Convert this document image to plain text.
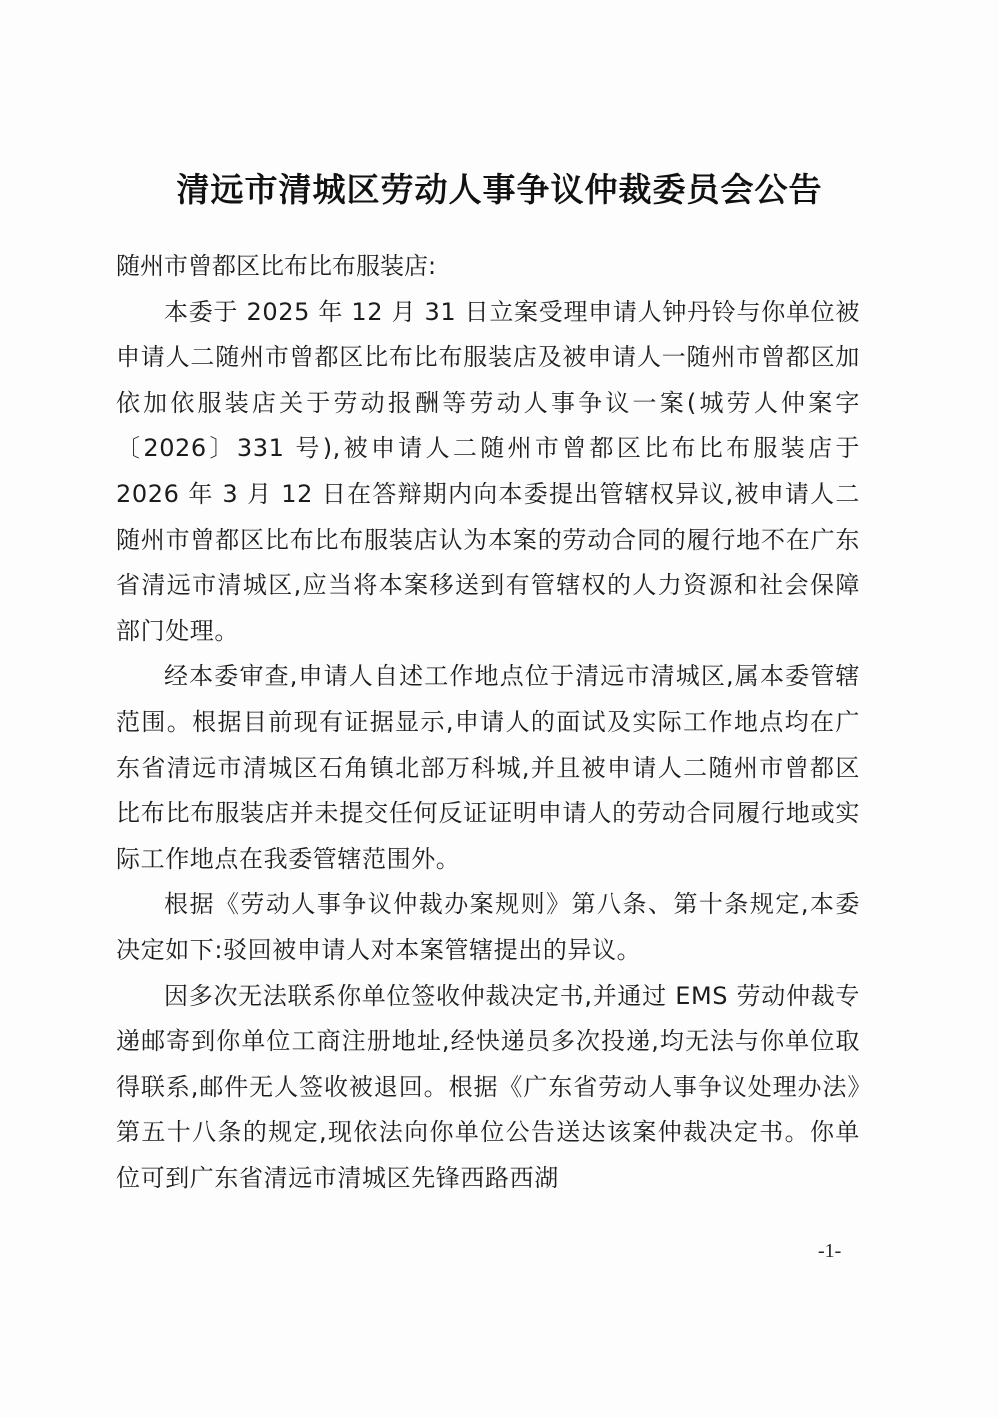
清远市清城区劳动人事争议仲裁委员会公告

随州市曾都区比布比布服装店:

本委于 2025 年 12 月 31 日立案受理申请人钟丹铃与你单位被申请人二随州市曾都区比布比布服装店及被申请人一随州市曾都区加依加依服装店关于劳动报酬等劳动人事争议一案(城劳人仲案字〔2026〕331 号),被申请人二随州市曾都区比布比布服装店于 2026 年 3 月 12 日在答辩期内向本委提出管辖权异议,被申请人二随州市曾都区比布比布服装店认为本案的劳动合同的履行地不在广东省清远市清城区,应当将本案移送到有管辖权的人力资源和社会保障部门处理。

经本委审查,申请人自述工作地点位于清远市清城区,属本委管辖范围。根据目前现有证据显示,申请人的面试及实际工作地点均在广东省清远市清城区石角镇北部万科城,并且被申请人二随州市曾都区比布比布服装店并未提交任何反证证明申请人的劳动合同履行地或实际工作地点在我委管辖范围外。

根据《劳动人事争议仲裁办案规则》第八条、第十条规定,本委决定如下:驳回被申请人对本案管辖提出的异议。

因多次无法联系你单位签收仲裁决定书,并通过 EMS 劳动仲裁专递邮寄到你单位工商注册地址,经快递员多次投递,均无法与你单位取得联系,邮件无人签收被退回。根据《广东省劳动人事争议处理办法》第五十八条的规定,现依法向你单位公告送达该案仲裁决定书。你单位可到广东省清远市清城区先锋西路西湖

-1-
